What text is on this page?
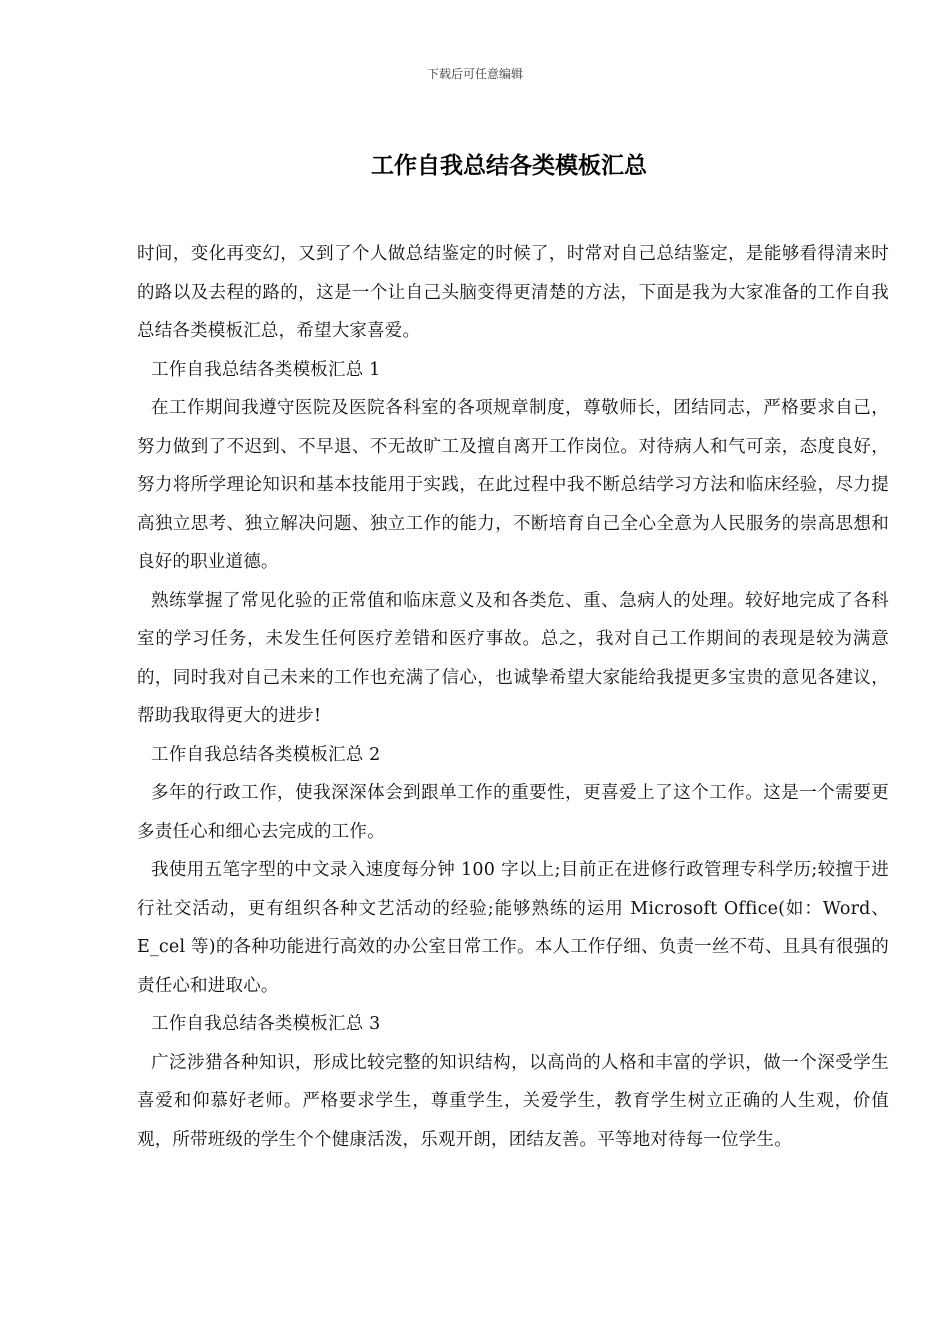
下载后可任意编辑
工作自我总结各类模板汇总

时间，变化再变幻，又到了个人做总结鉴定的时候了，时常对自己总结鉴定，是能够看得清来时的路以及去程的路的，这是一个让自己头脑变得更清楚的方法，下面是我为大家准备的工作自我总结各类模板汇总，希望大家喜爱。

工作自我总结各类模板汇总 1

在工作期间我遵守医院及医院各科室的各项规章制度，尊敬师长，团结同志，严格要求自己，努力做到了不迟到、不早退、不无故旷工及擅自离开工作岗位。对待病人和气可亲，态度良好，努力将所学理论知识和基本技能用于实践，在此过程中我不断总结学习方法和临床经验，尽力提高独立思考、独立解决问题、独立工作的能力，不断培育自己全心全意为人民服务的崇高思想和良好的职业道德。

熟练掌握了常见化验的正常值和临床意义及和各类危、重、急病人的处理。较好地完成了各科室的学习任务，未发生任何医疗差错和医疗事故。总之，我对自己工作期间的表现是较为满意的，同时我对自己未来的工作也充满了信心，也诚挚希望大家能给我提更多宝贵的意见各建议，帮助我取得更大的进步!

工作自我总结各类模板汇总 2

多年的行政工作，使我深深体会到跟单工作的重要性，更喜爱上了这个工作。这是一个需要更多责任心和细心去完成的工作。

我使用五笔字型的中文录入速度每分钟 100 字以上;目前正在进修行政管理专科学历;较擅于进行社交活动，更有组织各种文艺活动的经验;能够熟练的运用 Microsoft Office(如：Word、E_cel 等)的各种功能进行高效的办公室日常工作。本人工作仔细、负责一丝不苟、且具有很强的责任心和进取心。

工作自我总结各类模板汇总 3

广泛涉猎各种知识，形成比较完整的知识结构，以高尚的人格和丰富的学识，做一个深受学生喜爱和仰慕好老师。严格要求学生，尊重学生，关爱学生，教育学生树立正确的人生观，价值观，所带班级的学生个个健康活泼，乐观开朗，团结友善。平等地对待每一位学生。
